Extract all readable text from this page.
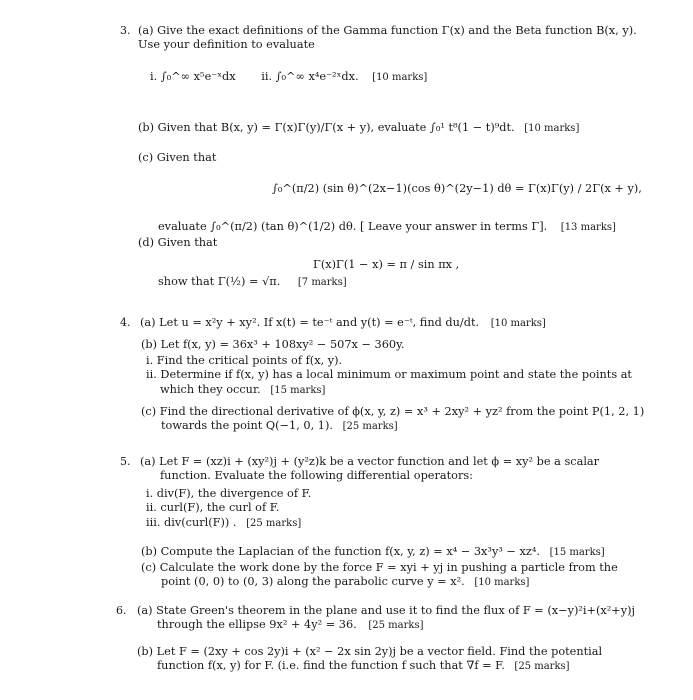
3. (a) Give the exact definitions of the Gamma function Γ(x) and the Beta function B(x, y).
Use your definition to evaluate
i. ∫₀^∞ x⁵e⁻ˣdx ii. ∫₀^∞ x⁴e⁻²ˣdx. [10 marks]
(b) Given that B(x, y) = Γ(x)Γ(y)/Γ(x + y), evaluate ∫₀¹ t⁸(1 − t)⁹dt. [10 marks]
(c) Given that
∫₀^(π/2) (sin θ)^(2x−1)(cos θ)^(2y−1) dθ = Γ(x)Γ(y) / 2Γ(x + y),
evaluate ∫₀^(π/2) (tan θ)^(1/2) dθ. [ Leave your answer in terms Γ]. [13 marks]
(d) Given that
Γ(x)Γ(1 − x) = π / sin πx ,
show that Γ(½) = √π. [7 marks]
4. (a) Let u = x²y + xy². If x(t) = te⁻ᵗ and y(t) = e⁻ᵗ, find du/dt. [10 marks]
(b) Let f(x, y) = 36x³ + 108xy² − 507x − 360y.
i. Find the critical points of f(x, y).
ii. Determine if f(x, y) has a local minimum or maximum point and state the points at
which they occur. [15 marks]
(c) Find the directional derivative of ϕ(x, y, z) = x³ + 2xy² + yz² from the point P(1, 2, 1)
towards the point Q(−1, 0, 1). [25 marks]
5. (a) Let F = (xz)i + (xy²)j + (y²z)k be a vector function and let ϕ = xy² be a scalar
function. Evaluate the following differential operators:
i. div(F), the divergence of F.
ii. curl(F), the curl of F.
iii. div(curl(F)) . [25 marks]
(b) Compute the Laplacian of the function f(x, y, z) = x⁴ − 3x³y³ − xz⁴. [15 marks]
(c) Calculate the work done by the force F = xyi + yj in pushing a particle from the
point (0, 0) to (0, 3) along the parabolic curve y = x². [10 marks]
6. (a) State Green's theorem in the plane and use it to find the flux of F = (x−y)²i+(x²+y)j
through the ellipse 9x² + 4y² = 36. [25 marks]
(b) Let F = (2xy + cos 2y)i + (x² − 2x sin 2y)j be a vector field. Find the potential
function f(x, y) for F. (i.e. find the function f such that ∇f = F. [25 marks]
